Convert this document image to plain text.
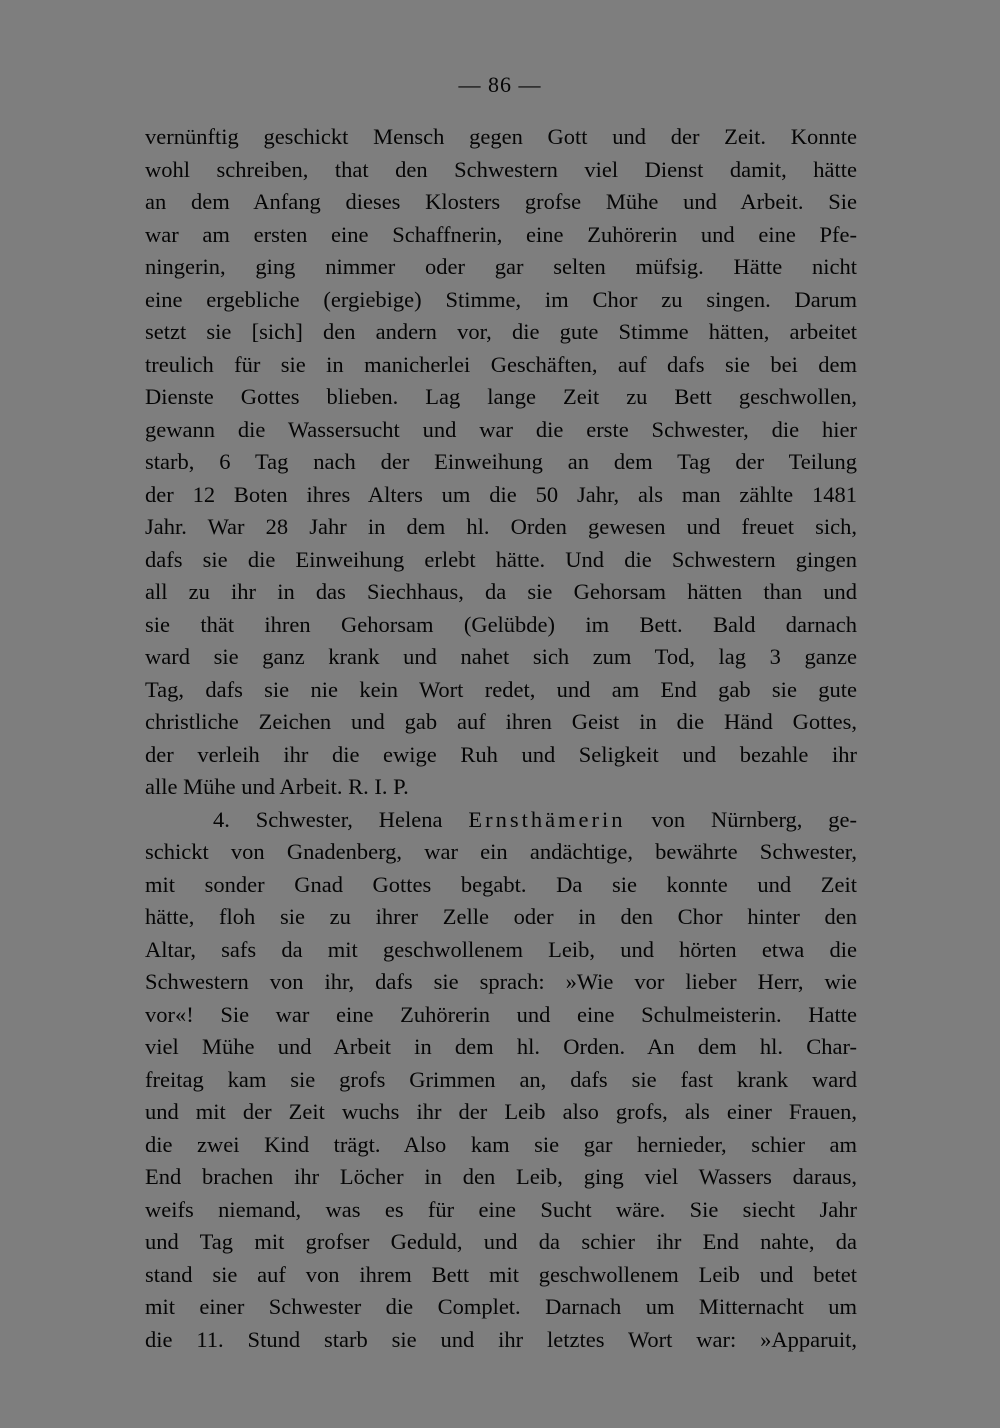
— 86 —
vernünftig geschickt Mensch gegen Gott und der Zeit. Konnte
wohl schreiben, that den Schwestern viel Dienst damit, hätte
an dem Anfang dieses Klosters grofse Mühe und Arbeit. Sie
war am ersten eine Schaffnerin, eine Zuhörerin und eine Pfe-
ningerin, ging nimmer oder gar selten müfsig. Hätte nicht
eine ergebliche (ergiebige) Stimme, im Chor zu singen. Darum
setzt sie [sich] den andern vor, die gute Stimme hätten, arbeitet
treulich für sie in manicherlei Geschäften, auf dafs sie bei dem
Dienste Gottes blieben. Lag lange Zeit zu Bett geschwollen,
gewann die Wassersucht und war die erste Schwester, die hier
starb, 6 Tag nach der Einweihung an dem Tag der Teilung
der 12 Boten ihres Alters um die 50 Jahr, als man zählte 1481
Jahr. War 28 Jahr in dem hl. Orden gewesen und freuet sich,
dafs sie die Einweihung erlebt hätte. Und die Schwestern gingen
all zu ihr in das Siechhaus, da sie Gehorsam hätten than und
sie thät ihren Gehorsam (Gelübde) im Bett. Bald darnach
ward sie ganz krank und nahet sich zum Tod, lag 3 ganze
Tag, dafs sie nie kein Wort redet, und am End gab sie gute
christliche Zeichen und gab auf ihren Geist in die Händ Gottes,
der verleih ihr die ewige Ruh und Seligkeit und bezahle ihr
alle Mühe und Arbeit. R. I. P.
4. Schwester, Helena Ernsthämerin von Nürnberg, ge-
schickt von Gnadenberg, war ein andächtige, bewährte Schwester,
mit sonder Gnad Gottes begabt. Da sie konnte und Zeit
hätte, floh sie zu ihrer Zelle oder in den Chor hinter den
Altar, safs da mit geschwollenem Leib, und hörten etwa die
Schwestern von ihr, dafs sie sprach: »Wie vor lieber Herr, wie
vor«! Sie war eine Zuhörerin und eine Schulmeisterin. Hatte
viel Mühe und Arbeit in dem hl. Orden. An dem hl. Char-
freitag kam sie grofs Grimmen an, dafs sie fast krank ward
und mit der Zeit wuchs ihr der Leib also grofs, als einer Frauen,
die zwei Kind trägt. Also kam sie gar hernieder, schier am
End brachen ihr Löcher in den Leib, ging viel Wassers daraus,
weifs niemand, was es für eine Sucht wäre. Sie siecht Jahr
und Tag mit grofser Geduld, und da schier ihr End nahte, da
stand sie auf von ihrem Bett mit geschwollenem Leib und betet
mit einer Schwester die Complet. Darnach um Mitternacht um
die 11. Stund starb sie und ihr letztes Wort war: »Apparuit,
